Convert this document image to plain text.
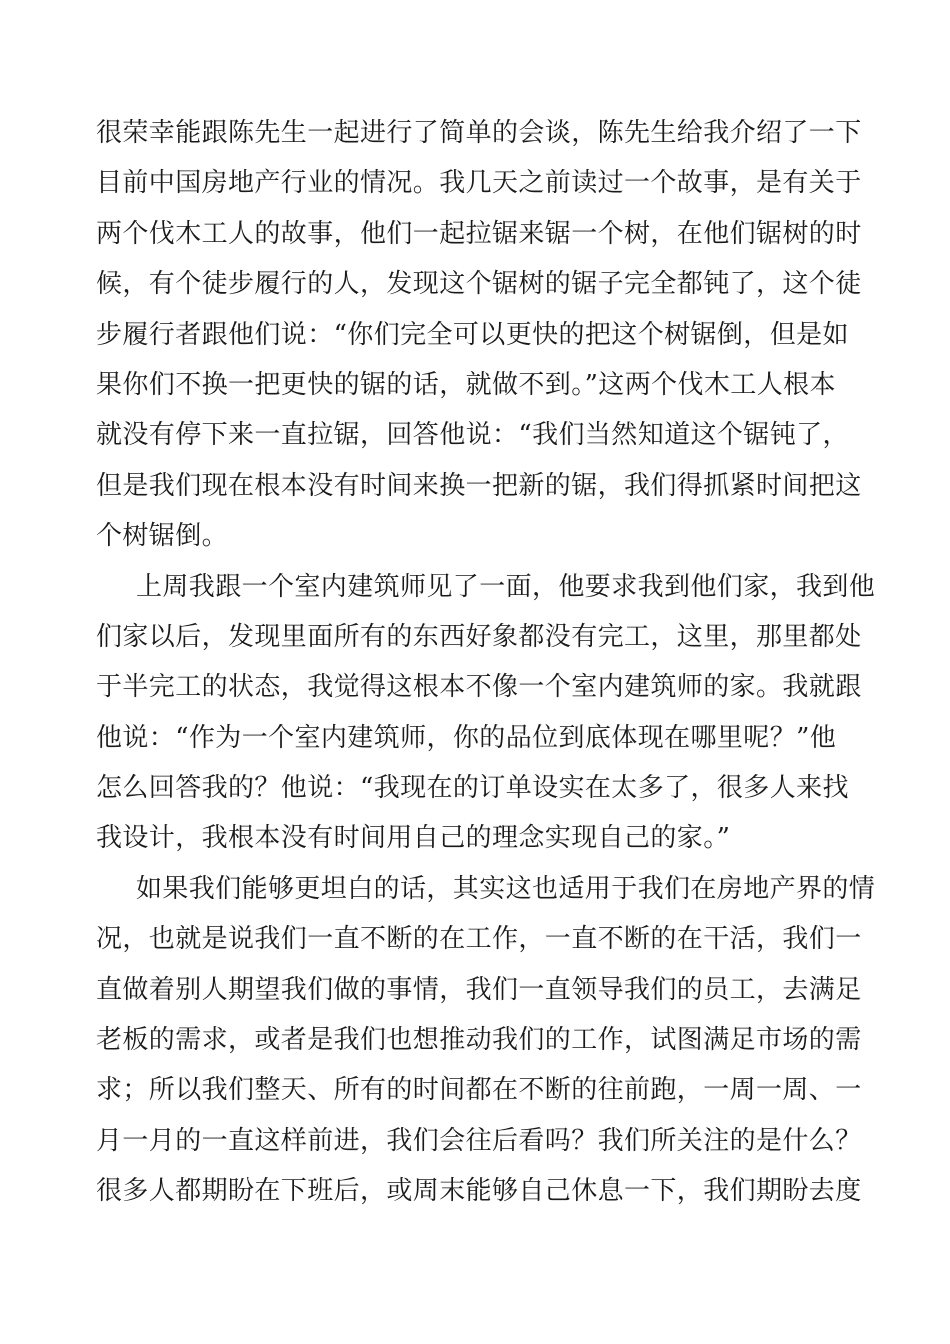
很荣幸能跟陈先生一起进行了简单的会谈，陈先生给我介绍了一下
目前中国房地产行业的情况。我几天之前读过一个故事，是有关于
两个伐木工人的故事，他们一起拉锯来锯一个树，在他们锯树的时
候，有个徒步履行的人，发现这个锯树的锯子完全都钝了，这个徒
步履行者跟他们说：“你们完全可以更快的把这个树锯倒，但是如
果你们不换一把更快的锯的话，就做不到。”这两个伐木工人根本
就没有停下来一直拉锯，回答他说：“我们当然知道这个锯钝了，
但是我们现在根本没有时间来换一把新的锯，我们得抓紧时间把这
个树锯倒。
上周我跟一个室内建筑师见了一面，他要求我到他们家，我到他
们家以后，发现里面所有的东西好象都没有完工，这里，那里都处
于半完工的状态，我觉得这根本不像一个室内建筑师的家。我就跟
他说：“作为一个室内建筑师，你的品位到底体现在哪里呢？”他
怎么回答我的？他说：“我现在的订单设实在太多了，很多人来找
我设计，我根本没有时间用自己的理念实现自己的家。”
如果我们能够更坦白的话，其实这也适用于我们在房地产界的情
况，也就是说我们一直不断的在工作，一直不断的在干活，我们一
直做着别人期望我们做的事情，我们一直领导我们的员工，去满足
老板的需求，或者是我们也想推动我们的工作，试图满足市场的需
求；所以我们整天、所有的时间都在不断的往前跑，一周一周、一
月一月的一直这样前进，我们会往后看吗？我们所关注的是什么？
很多人都期盼在下班后，或周末能够自己休息一下，我们期盼去度
